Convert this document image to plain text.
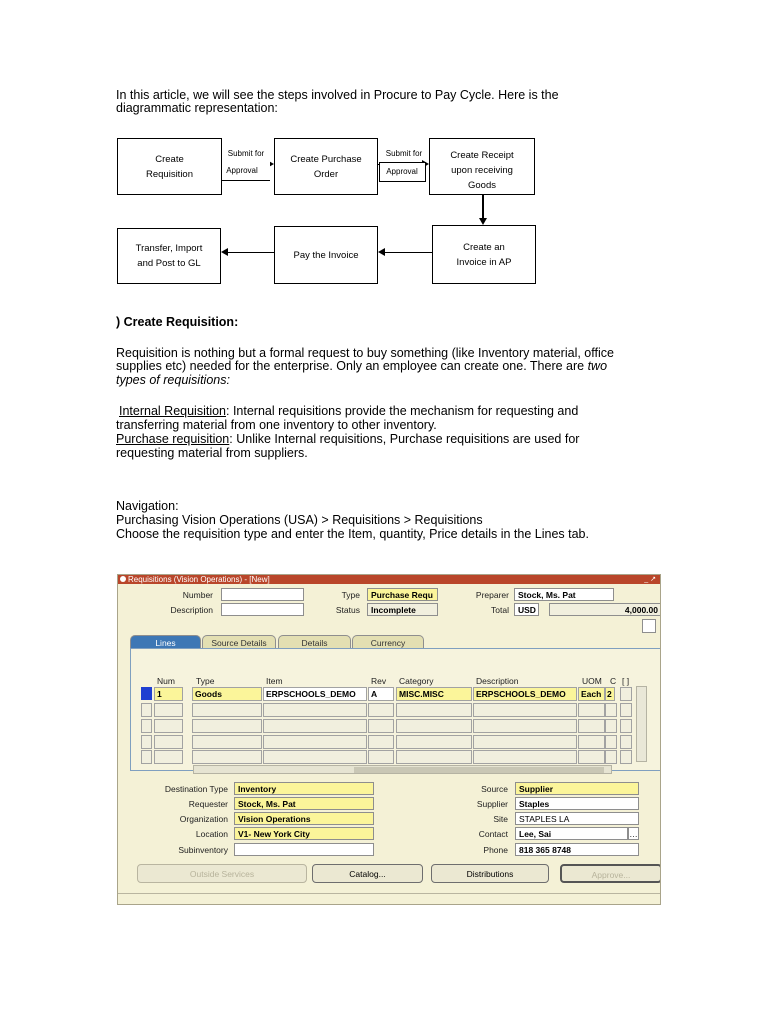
In this article, we will see the steps involved in Procure to Pay Cycle. Here is the
diagrammatic representation:
Create
Requisition
Create Purchase
Order
Create Receipt
upon receiving
Goods
Create an
Invoice in AP
Pay the Invoice
Transfer, Import
and Post to GL
Submit for
Approval
Submit for
Approval
) Create Requisition:
Requisition is nothing but a formal request to buy something (like Inventory material, office
supplies etc) needed for the enterprise. Only an employee can create one. There are two
types of requisitions:
Internal Requisition: Internal requisitions provide the mechanism for requesting and
transferring material from one inventory to other inventory.
Purchase requisition: Unlike Internal requisitions, Purchase requisitions are used for
requesting material from suppliers.
Navigation:
Purchasing Vision Operations (USA) > Requisitions > Requisitions
Choose the requisition type and enter the Item, quantity, Price details in the Lines tab.
Requisitions (Vision Operations) - [New]	_ ↗
Number
Description
Type	Purchase Requ
Status	Incomplete
Preparer	Stock, Ms. Pat
Total	USD	4,000.00
Lines	Source Details	Details	Currency
Num Type	Item	Rev Category	Description	UOM C [ ]
1	Goods	ERPSCHOOLS_DEMO	A	MISC.MISC	ERPSCHOOLS_DEMO	Each 2
Destination Type	Inventory
Requester	Stock, Ms. Pat
Organization	Vision Operations
Location	V1- New York City
Subinventory
Source	Supplier
Supplier	Staples
Site	STAPLES LA
Contact	Lee, Sai	…
Phone	818 365 8748
Outside Services	Catalog...	Distributions	Approve...
